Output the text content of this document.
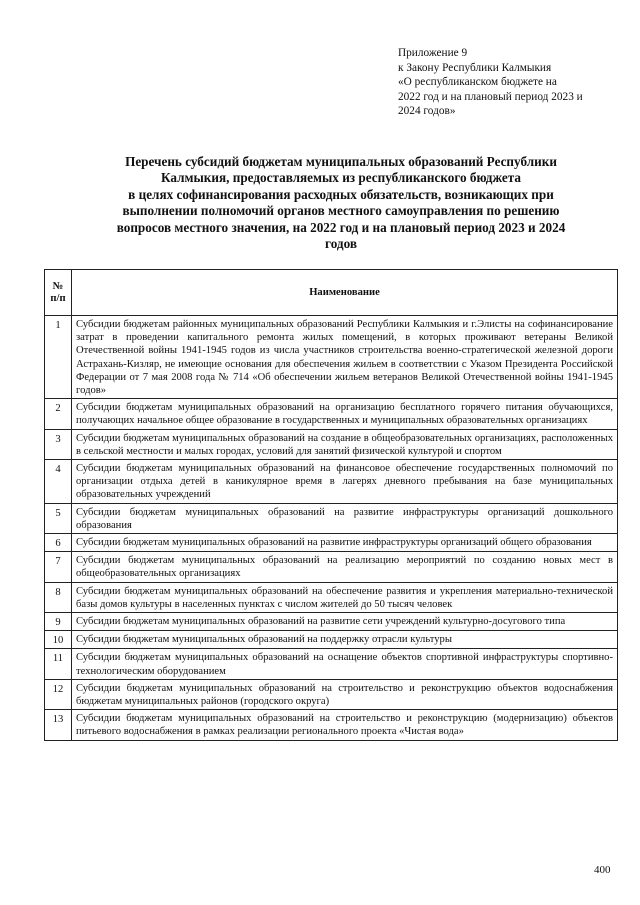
Приложение 9
к Закону Республики Калмыкия
«О республиканском бюджете на
2022 год и на плановый период 2023 и
2024 годов»
Перечень субсидий бюджетам муниципальных образований Республики
Калмыкия, предоставляемых из республиканского бюджета
в целях софинансирования расходных обязательств, возникающих при
выполнении полномочий органов местного самоуправления по решению
вопросов местного значения, на 2022 год и на плановый период 2023 и 2024
годов
№ п/п	Наименование
1	Субсидии бюджетам районных муниципальных образований Республики Калмыкия и г.Элисты на софинансирование затрат в проведении капитального ремонта жилых помещений, в которых проживают ветераны Великой Отечественной войны 1941-1945 годов из числа участников строительства военно-стратегической железной дороги Астрахань-Кизляр, не имеющие основания для обеспечения жильем в соответствии с Указом Президента Российской Федерации от 7 мая 2008 года № 714 «Об обеспечении жильем ветеранов Великой Отечественной войны 1941-1945 годов»
2	Субсидии бюджетам муниципальных образований на организацию бесплатного горячего питания обучающихся, получающих начальное общее образование в государственных и муниципальных образовательных организациях
3	Субсидии бюджетам муниципальных образований на создание в общеобразовательных организациях, расположенных в сельской местности и малых городах, условий для занятий физической культурой и спортом
4	Субсидии бюджетам муниципальных образований на финансовое обеспечение государственных полномочий по организации отдыха детей в каникулярное время в лагерях дневного пребывания на базе муниципальных образовательных учреждений
5	Субсидии бюджетам муниципальных образований на развитие инфраструктуры организаций дошкольного образования
6	Субсидии бюджетам муниципальных образований на развитие инфраструктуры организаций общего образования
7	Субсидии бюджетам муниципальных образований на реализацию мероприятий по созданию новых мест в общеобразовательных организациях
8	Субсидии бюджетам муниципальных образований на обеспечение развития и укрепления материально-технической базы домов культуры в населенных пунктах с числом жителей до 50 тысяч человек
9	Субсидии бюджетам муниципальных образований на развитие сети учреждений культурно-досугового типа
10	Субсидии бюджетам муниципальных образований на поддержку отрасли культуры
11	Субсидии бюджетам муниципальных образований на оснащение объектов спортивной инфраструктуры спортивно-технологическим оборудованием
12	Субсидии бюджетам муниципальных образований на строительство и реконструкцию объектов водоснабжения бюджетам муниципальных районов (городского округа)
13	Субсидии бюджетам муниципальных образований на строительство и реконструкцию (модернизацию) объектов питьевого водоснабжения в рамках реализации регионального проекта «Чистая вода»
400
